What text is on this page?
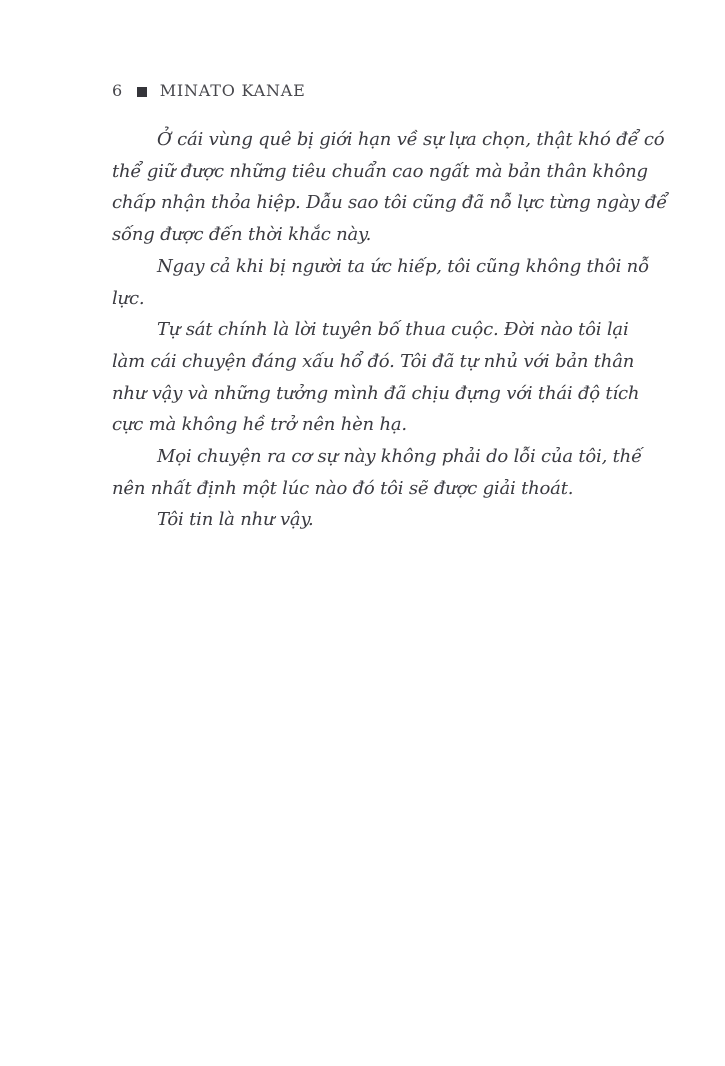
6 MINATO KANAE

Ở cái vùng quê bị giới hạn về sự lựa chọn, thật khó để có
thể giữ được những tiêu chuẩn cao ngất mà bản thân không
chấp nhận thỏa hiệp. Dẫu sao tôi cũng đã nỗ lực từng ngày để
sống được đến thời khắc này.

Ngay cả khi bị người ta ức hiếp, tôi cũng không thôi nỗ
lực.

Tự sát chính là lời tuyên bố thua cuộc. Đời nào tôi lại
làm cái chuyện đáng xấu hổ đó. Tôi đã tự nhủ với bản thân
như vậy và những tưởng mình đã chịu đựng với thái độ tích
cực mà không hề trở nên hèn hạ.

Mọi chuyện ra cơ sự này không phải do lỗi của tôi, thế
nên nhất định một lúc nào đó tôi sẽ được giải thoát.

Tôi tin là như vậy.
